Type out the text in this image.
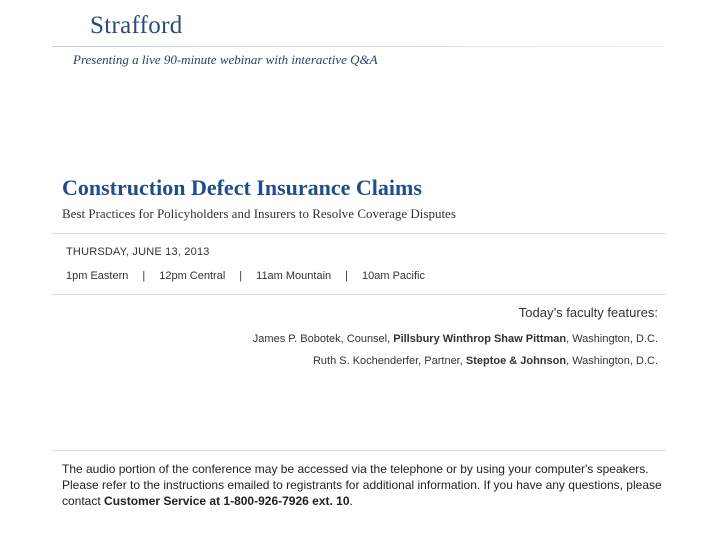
Strafford
Presenting a live 90-minute webinar with interactive Q&A
Construction Defect Insurance Claims
Best Practices for Policyholders and Insurers to Resolve Coverage Disputes
THURSDAY, JUNE 13, 2013
1pm Eastern | 12pm Central | 11am Mountain | 10am Pacific
Today’s faculty features:
James P. Bobotek, Counsel, Pillsbury Winthrop Shaw Pittman, Washington, D.C.
Ruth S. Kochenderfer, Partner, Steptoe & Johnson, Washington, D.C.
The audio portion of the conference may be accessed via the telephone or by using your computer's speakers. Please refer to the instructions emailed to registrants for additional information. If you have any questions, please contact Customer Service at 1-800-926-7926 ext. 10.
